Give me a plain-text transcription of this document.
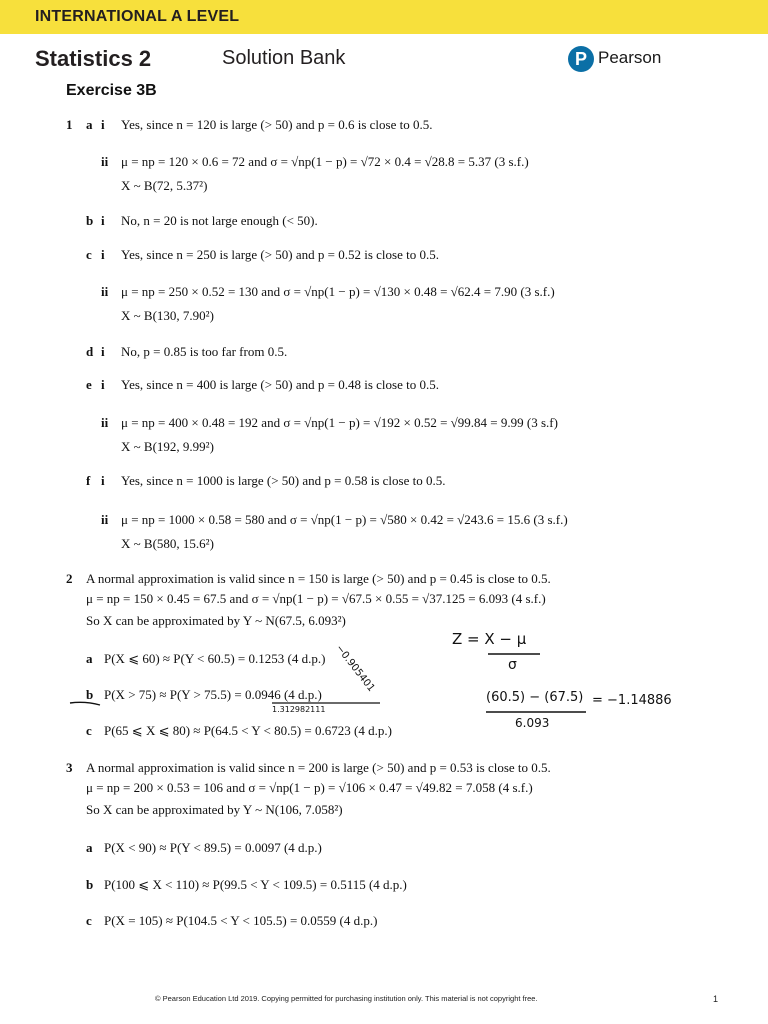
INTERNATIONAL A LEVEL
Statistics 2	Solution Bank	P Pearson
Exercise 3B
1 a i Yes, since n = 120 is large (> 50) and p = 0.6 is close to 0.5.
ii μ = np = 120 × 0.6 = 72 and σ = √np(1 − p) = √72 × 0.4 = √28.8 = 5.37 (3 s.f.)
X ~ B(72, 5.37²)
b i No, n = 20 is not large enough (< 50).
c i Yes, since n = 250 is large (> 50) and p = 0.52 is close to 0.5.
ii μ = np = 250 × 0.52 = 130 and σ = √np(1 − p) = √130 × 0.48 = √62.4 = 7.90 (3 s.f.)
X ~ B(130, 7.90²)
d i No, p = 0.85 is too far from 0.5.
e i Yes, since n = 400 is large (> 50) and p = 0.48 is close to 0.5.
ii μ = np = 400 × 0.48 = 192 and σ = √np(1 − p) = √192 × 0.52 = √99.84 = 9.99 (3 s.f)
X ~ B(192, 9.99²)
f i Yes, since n = 1000 is large (> 50) and p = 0.58 is close to 0.5.
ii μ = np = 1000 × 0.58 = 580 and σ = √np(1 − p) = √580 × 0.42 = √243.6 = 15.6 (3 s.f.)
X ~ B(580, 15.6²)
2 A normal approximation is valid since n = 150 is large (> 50) and p = 0.45 is close to 0.5.
μ = np = 150 × 0.45 = 67.5 and σ = √np(1 − p) = √67.5 × 0.55 = √37.125 = 6.093 (4 s.f.)
So X can be approximated by Y ~ N(67.5, 6.093²)
a P(X ⩽ 60) ≈ P(Y < 60.5) = 0.1253 (4 d.p.)
b P(X > 75) ≈ P(Y > 75.5) = 0.0946 (4 d.p.)
c P(65 ⩽ X ⩽ 80) ≈ P(64.5 < Y < 80.5) = 0.6723 (4 d.p.)
Z = X − μ
σ
(60.5) − (67.5)
6.093
= −1.14886
−0.905401
1.312982111
3 A normal approximation is valid since n = 200 is large (> 50) and p = 0.53 is close to 0.5.
μ = np = 200 × 0.53 = 106 and σ = √np(1 − p) = √106 × 0.47 = √49.82 = 7.058 (4 s.f.)
So X can be approximated by Y ~ N(106, 7.058²)
a P(X < 90) ≈ P(Y < 89.5) = 0.0097 (4 d.p.)
b P(100 ⩽ X < 110) ≈ P(99.5 < Y < 109.5) = 0.5115 (4 d.p.)
c P(X = 105) ≈ P(104.5 < Y < 105.5) = 0.0559 (4 d.p.)
© Pearson Education Ltd 2019. Copying permitted for purchasing institution only. This material is not copyright free.	1
